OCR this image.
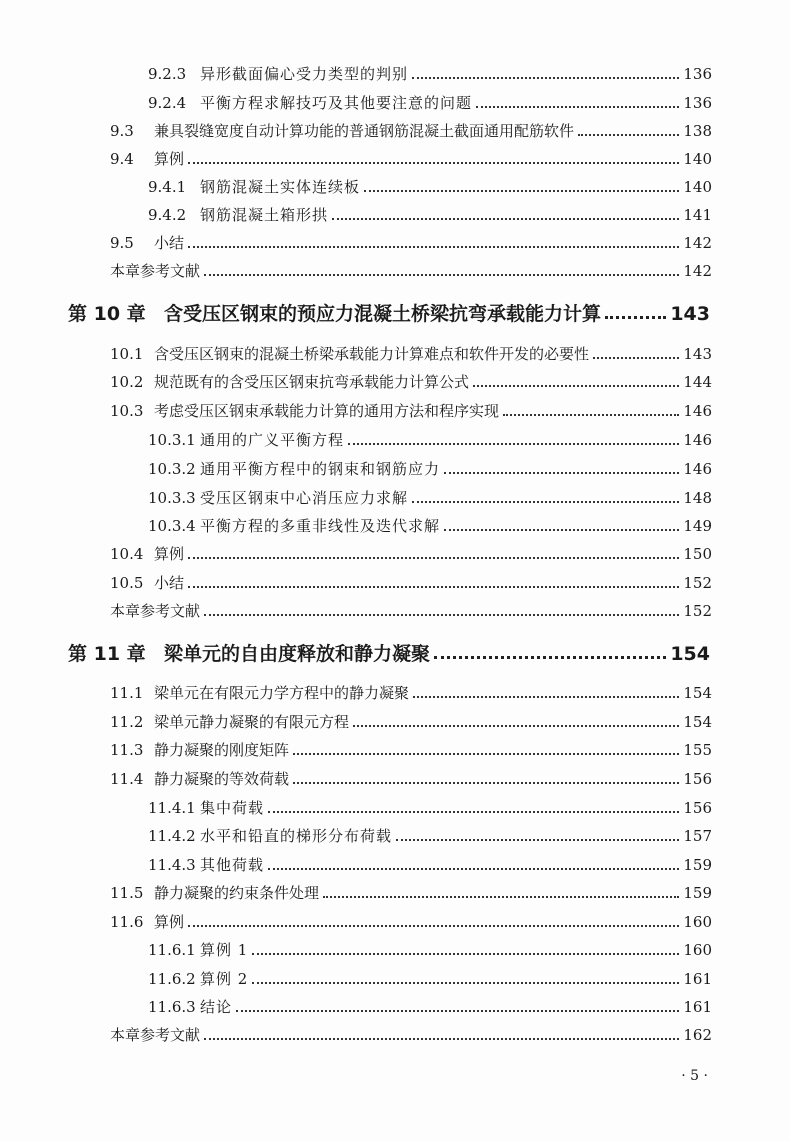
9.2.3 异形截面偏心受力类型的判别	136
9.2.4 平衡方程求解技巧及其他要注意的问题	136
9.3	兼具裂缝宽度自动计算功能的普通钢筋混凝土截面通用配筋软件	138
9.4	算例	140
9.4.1 钢筋混凝土实体连续板	140
9.4.2 钢筋混凝土箱形拱	141
9.5	小结	142
本章参考文献	142
第 10 章 含受压区钢束的预应力混凝土桥梁抗弯承载能力计算	143
10.1 含受压区钢束的混凝土桥梁承载能力计算难点和软件开发的必要性	143
10.2 规范既有的含受压区钢束抗弯承载能力计算公式	144
10.3 考虑受压区钢束承载能力计算的通用方法和程序实现	146
10.3.1 通用的广义平衡方程	146
10.3.2 通用平衡方程中的钢束和钢筋应力	146
10.3.3 受压区钢束中心消压应力求解	148
10.3.4 平衡方程的多重非线性及迭代求解	149
10.4 算例	150
10.5 小结	152
本章参考文献	152
第 11 章 梁单元的自由度释放和静力凝聚	154
11.1 梁单元在有限元力学方程中的静力凝聚	154
11.2 梁单元静力凝聚的有限元方程	154
11.3 静力凝聚的刚度矩阵	155
11.4 静力凝聚的等效荷载	156
11.4.1 集中荷载	156
11.4.2 水平和铅直的梯形分布荷载	157
11.4.3 其他荷载	159
11.5 静力凝聚的约束条件处理	159
11.6 算例	160
11.6.1 算例 1	160
11.6.2 算例 2	161
11.6.3 结论	161
本章参考文献	162
· 5 ·
